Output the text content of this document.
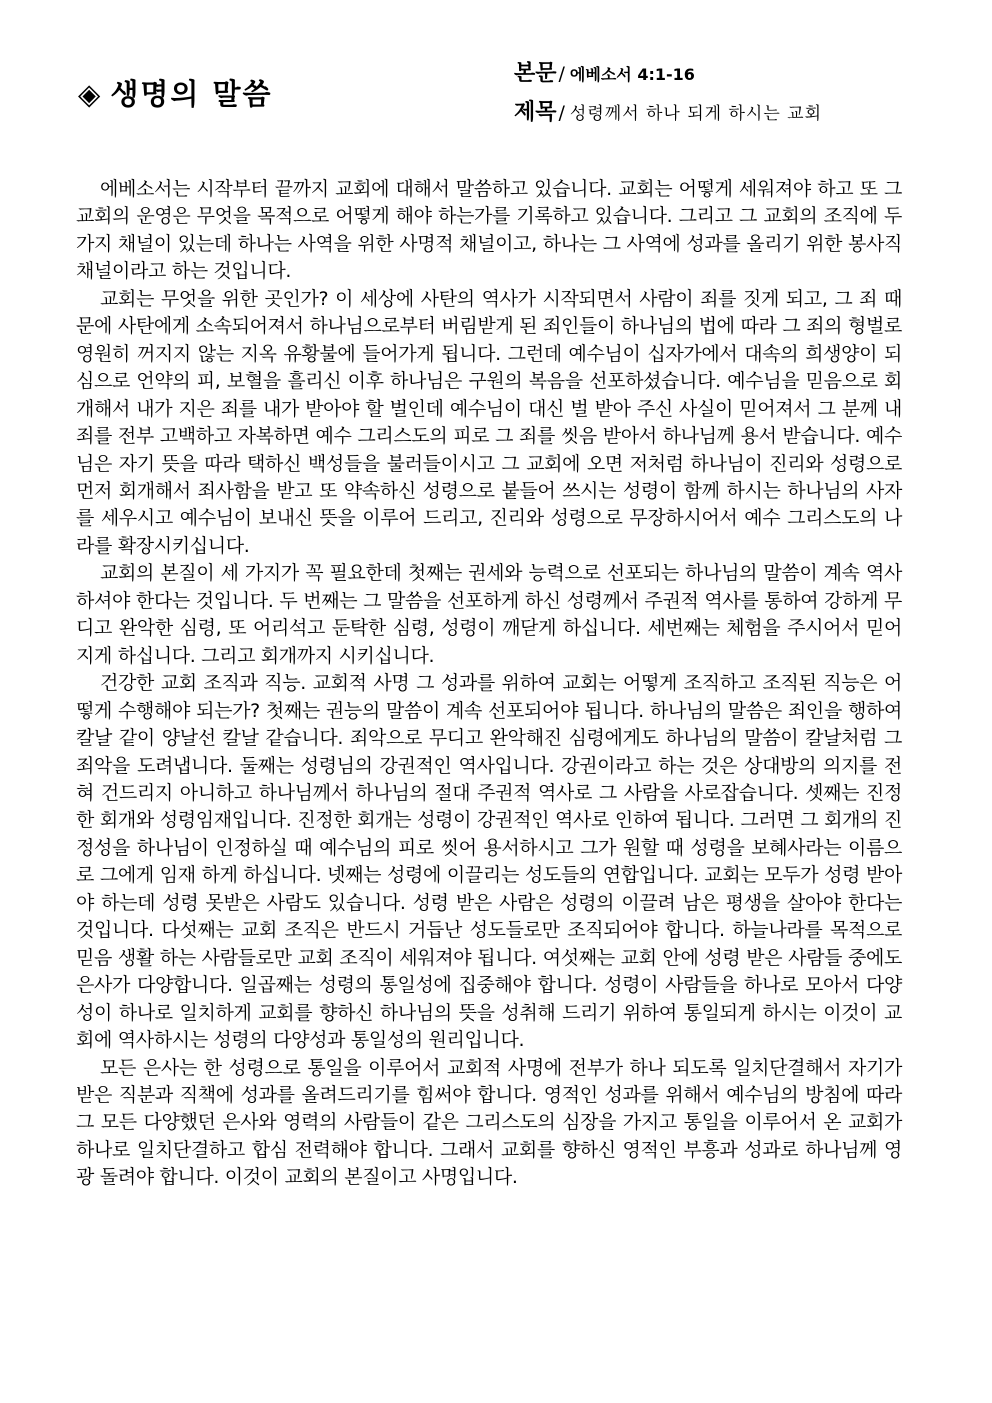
◈ 생명의 말씀
본문 / 에베소서 4:1-16
제목 / 성령께서 하나 되게 하시는 교회

에베소서는 시작부터 끝까지 교회에 대해서 말씀하고 있습니다. 교회는 어떻게 세워져야 하고 또 그 교회의 운영은 무엇을 목적으로 어떻게 해야 하는가를 기록하고 있습니다. 그리고 그 교회의 조직에 두 가지 채널이 있는데 하나는 사역을 위한 사명적 채널이고, 하나는 그 사역에 성과를 올리기 위한 봉사직 채널이라고 하는 것입니다.

교회는 무엇을 위한 곳인가? 이 세상에 사탄의 역사가 시작되면서 사람이 죄를 짓게 되고, 그 죄 때문에 사탄에게 소속되어져서 하나님으로부터 버림받게 된 죄인들이 하나님의 법에 따라 그 죄의 형벌로 영원히 꺼지지 않는 지옥 유황불에 들어가게 됩니다. 그런데 예수님이 십자가에서 대속의 희생양이 되심으로 언약의 피, 보혈을 흘리신 이후 하나님은 구원의 복음을 선포하셨습니다. 예수님을 믿음으로 회개해서 내가 지은 죄를 내가 받아야 할 벌인데 예수님이 대신 벌 받아 주신 사실이 믿어져서 그 분께 내 죄를 전부 고백하고 자복하면 예수 그리스도의 피로 그 죄를 씻음 받아서 하나님께 용서 받습니다. 예수님은 자기 뜻을 따라 택하신 백성들을 불러들이시고 그 교회에 오면 저처럼 하나님이 진리와 성령으로 먼저 회개해서 죄사함을 받고 또 약속하신 성령으로 붙들어 쓰시는 성령이 함께 하시는 하나님의 사자를 세우시고 예수님이 보내신 뜻을 이루어 드리고, 진리와 성령으로 무장하시어서 예수 그리스도의 나라를 확장시키십니다.

교회의 본질이 세 가지가 꼭 필요한데 첫째는 권세와 능력으로 선포되는 하나님의 말씀이 계속 역사하셔야 한다는 것입니다. 두 번째는 그 말씀을 선포하게 하신 성령께서 주권적 역사를 통하여 강하게 무디고 완악한 심령, 또 어리석고 둔탁한 심령, 성령이 깨닫게 하십니다. 세번째는 체험을 주시어서 믿어지게 하십니다. 그리고 회개까지 시키십니다.

건강한 교회 조직과 직능. 교회적 사명 그 성과를 위하여 교회는 어떻게 조직하고 조직된 직능은 어떻게 수행해야 되는가? 첫째는 권능의 말씀이 계속 선포되어야 됩니다. 하나님의 말씀은 죄인을 행하여 칼날 같이 양날선 칼날 같습니다. 죄악으로 무디고 완악해진 심령에게도 하나님의 말씀이 칼날처럼 그 죄악을 도려냅니다. 둘째는 성령님의 강권적인 역사입니다. 강권이라고 하는 것은 상대방의 의지를 전혀 건드리지 아니하고 하나님께서 하나님의 절대 주권적 역사로 그 사람을 사로잡습니다. 셋째는 진정한 회개와 성령임재입니다. 진정한 회개는 성령이 강권적인 역사로 인하여 됩니다. 그러면 그 회개의 진정성을 하나님이 인정하실 때 예수님의 피로 씻어 용서하시고 그가 원할 때 성령을 보혜사라는 이름으로 그에게 임재 하게 하십니다. 넷째는 성령에 이끌리는 성도들의 연합입니다. 교회는 모두가 성령 받아야 하는데 성령 못받은 사람도 있습니다. 성령 받은 사람은 성령의 이끌려 남은 평생을 살아야 한다는 것입니다. 다섯째는 교회 조직은 반드시 거듭난 성도들로만 조직되어야 합니다. 하늘나라를 목적으로 믿음 생활 하는 사람들로만 교회 조직이 세워져야 됩니다. 여섯째는 교회 안에 성령 받은 사람들 중에도 은사가 다양합니다. 일곱째는 성령의 통일성에 집중해야 합니다. 성령이 사람들을 하나로 모아서 다양성이 하나로 일치하게 교회를 향하신 하나님의 뜻을 성취해 드리기 위하여 통일되게 하시는 이것이 교회에 역사하시는 성령의 다양성과 통일성의 원리입니다.

모든 은사는 한 성령으로 통일을 이루어서 교회적 사명에 전부가 하나 되도록 일치단결해서 자기가 받은 직분과 직책에 성과를 올려드리기를 힘써야 합니다. 영적인 성과를 위해서 예수님의 방침에 따라 그 모든 다양했던 은사와 영력의 사람들이 같은 그리스도의 심장을 가지고 통일을 이루어서 온 교회가 하나로 일치단결하고 합심 전력해야 합니다. 그래서 교회를 향하신 영적인 부흥과 성과로 하나님께 영광 돌려야 합니다. 이것이 교회의 본질이고 사명입니다.
